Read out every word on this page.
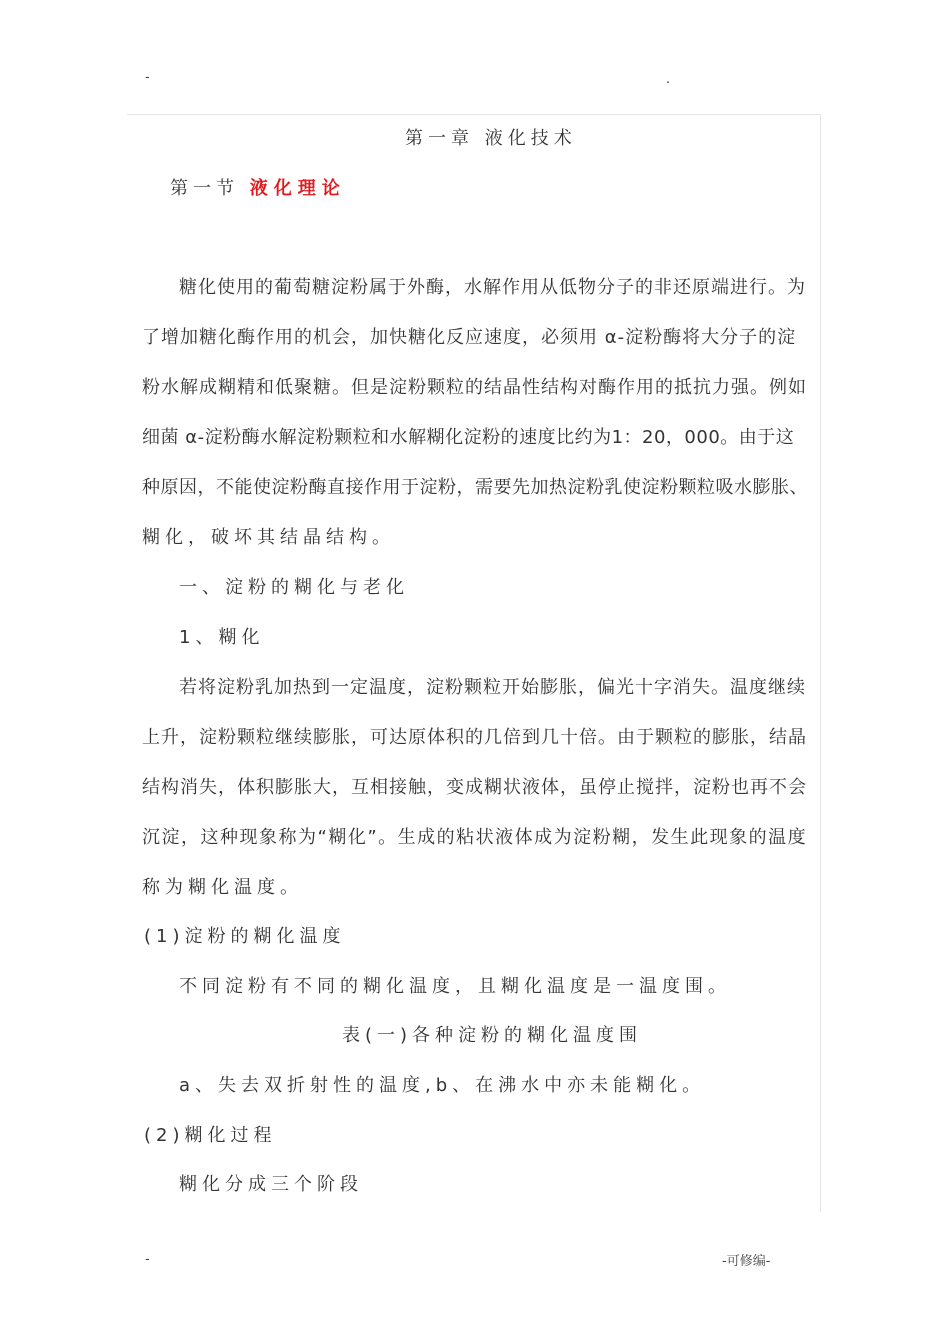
-	.
第一章 液化技术
第一节 液化理论
糖化使用的葡萄糖淀粉属于外酶，水解作用从低物分子的非还原端进行。为
了增加糖化酶作用的机会，加快糖化反应速度，必须用 α-淀粉酶将大分子的淀
粉水解成糊精和低聚糖。但是淀粉颗粒的结晶性结构对酶作用的抵抗力强。例如
细菌 α-淀粉酶水解淀粉颗粒和水解糊化淀粉的速度比约为1：20，000。由于这
种原因，不能使淀粉酶直接作用于淀粉，需要先加热淀粉乳使淀粉颗粒吸水膨胀、
糊化，破坏其结晶结构。
一、淀粉的糊化与老化
1、糊化
若将淀粉乳加热到一定温度，淀粉颗粒开始膨胀，偏光十字消失。温度继续
上升，淀粉颗粒继续膨胀，可达原体积的几倍到几十倍。由于颗粒的膨胀，结晶
结构消失，体积膨胀大，互相接触，变成糊状液体，虽停止搅拌，淀粉也再不会
沉淀，这种现象称为“糊化”。生成的粘状液体成为淀粉糊，发生此现象的温度
称为糊化温度。
(1)淀粉的糊化温度
不同淀粉有不同的糊化温度，且糊化温度是一温度围。
表(一)各种淀粉的糊化温度围
a、失去双折射性的温度,b、在沸水中亦未能糊化。
(2)糊化过程
糊化分成三个阶段
-	-可修编-
